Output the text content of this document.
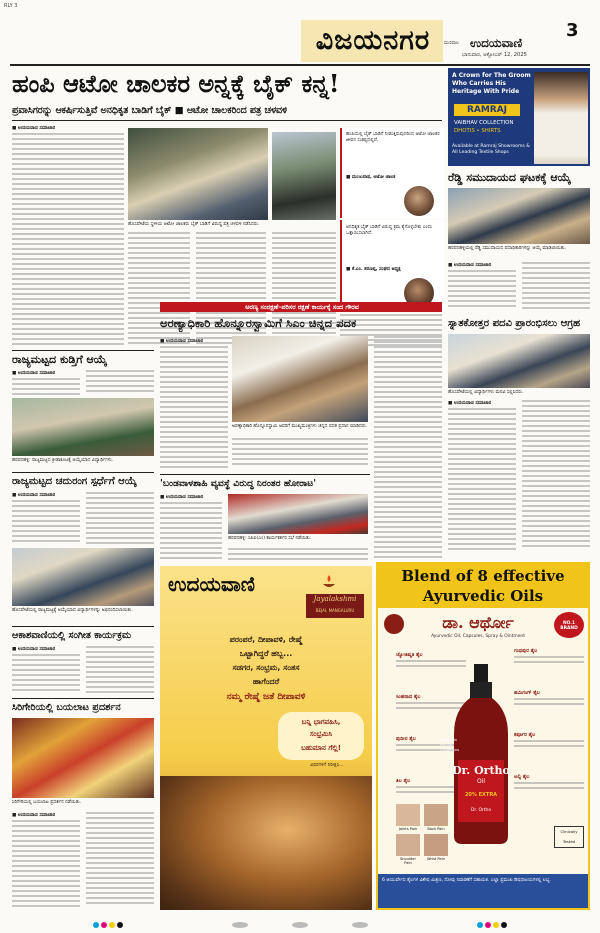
RLY 3
ವಿಜಯನಗರ	3
ಮಣಿಪಾಲ ಉದಯವಾಣಿ
ಭಾನುವಾರ, ಅಕ್ಟೋಬರ್ 12, 2025
ಹಂಪಿ ಆಟೋ ಚಾಲಕರ ಅನ್ನಕ್ಕೆ ಬೈಕ್ ಕನ್ನ!
ಪ್ರವಾಸಿಗರನ್ನು ಆಕರ್ಷಿಸುತ್ತಿವೆ ಅನಧಿಕೃತ ಬಾಡಿಗೆ ಬೈಕ್ ■ ಆಟೋ ಚಾಲಕರಿಂದ ಪತ್ರ ಚಳವಳಿ
■ ಉದಯವಾಣಿ ಸಮಾಚಾರ
ಹಂಪಿಯಲ್ಲಿ ಬೈಕ್ ಬಾಡಿಗೆ ನೀಡುತ್ತಿರುವುದರಿಂದ ಆಟೋ ಚಾಲಕರ ಜೀವನ ಸಂಕಷ್ಟದಲ್ಲಿದೆ.
■ ಮಂಜುನಾಥ, ಆಟೋ ಚಾಲಕ
ಹೊಸಪೇಟೆಯ ಸ್ಥಳೀಯ ಆಟೋ ಚಾಲಕರು ಬೈಕ್ ಬಾಡಿಗೆ ವಿರುದ್ಧ ಪತ್ರ ಚಳವಳಿ ನಡೆಸಿದರು.
ಅನಧಿಕೃತ ಬೈಕ್ ಬಾಡಿಗೆ ವಿರುದ್ಧ ಕ್ರಮ ಕೈಗೊಳ್ಳಬೇಕು ಎಂದು ಒತ್ತಾಯಿಸಲಾಗಿದೆ.
■ ಕೆ.ಎಂ. ಶರಣಪ್ಪ, ಸಂಘದ ಅಧ್ಯಕ್ಷ
A Crown for The Groom Who Carries His Heritage With Pride
RAMRAJ
VAIBHAV COLLECTION
DHOTIS • SHIRTS
Available at Ramraj Showrooms & All Leading Textile Shops
ರೆಡ್ಡಿ ಸಮುದಾಯದ ಘಟಕಕ್ಕೆ ಆಯ್ಕೆ
ಹರಪನಹಳ್ಳಿಯಲ್ಲಿ ರೆಡ್ಡಿ ಸಮುದಾಯದ ಪದಾಧಿಕಾರಿಗಳನ್ನು ಆಯ್ಕೆ ಮಾಡಲಾಯಿತು.
■ ಉದಯವಾಣಿ ಸಮಾಚಾರ
ಸ್ನಾತಕೋತ್ತರ ಪದವಿ ಪ್ರಾರಂಭಿಸಲು ಆಗ್ರಹ
ಹೊಸಪೇಟೆಯಲ್ಲಿ ವಿದ್ಯಾರ್ಥಿಗಳು ಮನವಿ ಸಲ್ಲಿಸಿದರು.
■ ಉದಯವಾಣಿ ಸಮಾಚಾರ
ರಾಜ್ಯಮಟ್ಟದ ಕುಡ್ತಿಗೆ ಆಯ್ಕೆ
■ ಉದಯವಾಣಿ ಸಮಾಚಾರ
ಹರಪನಹಳ್ಳಿ: ರಾಜ್ಯಮಟ್ಟದ ಕ್ರೀಡಾಕೂಟಕ್ಕೆ ಆಯ್ಕೆಯಾದ ವಿದ್ಯಾರ್ಥಿಗಳು.
ರಾಜ್ಯಮಟ್ಟದ ಚದುರಂಗ ಸ್ಪರ್ಧೆಗೆ ಆಯ್ಕೆ
■ ಉದಯವಾಣಿ ಸಮಾಚಾರ
ಹೊಸಪೇಟೆಯಲ್ಲಿ ರಾಜ್ಯಮಟ್ಟಕ್ಕೆ ಆಯ್ಕೆಯಾದ ವಿದ್ಯಾರ್ಥಿಗಳನ್ನು ಅಭಿನಂದಿಸಲಾಯಿತು.
ಆಕಾಶವಾಣಿಯಲ್ಲಿ ಸಂಗೀತ ಕಾರ್ಯಕ್ರಮ
■ ಉದಯವಾಣಿ ಸಮಾಚಾರ
ಸಿರಿಗೇರಿಯಲ್ಲಿ ಬಯಲಾಟ ಪ್ರದರ್ಶನ
ಸಿರಿಗೇರಿಯಲ್ಲಿ ಬಯಲಾಟ ಪ್ರದರ್ಶನ ನಡೆಯಿತು.
■ ಉದಯವಾಣಿ ಸಮಾಚಾರ
ಅರಣ್ಯ ಸಂರಕ್ಷಣೆ–ಪರಿಸರ ರಕ್ಷಣೆ ಕಾರ್ಯಕ್ಕೆ ಸಂದ ಗೌರವ
ಅರಣ್ಯಾಧಿಕಾರಿ ಹೊನ್ನೂರಸ್ವಾಮಿಗೆ ಸಿಎಂ ಚಿನ್ನದ ಪದಕ
■ ಉದಯವಾಣಿ ಸಮಾಚಾರ
ಅರಣ್ಯಾಧಿಕಾರಿ ಹೊನ್ನೂರಸ್ವಾಮಿ ಅವರಿಗೆ ಮುಖ್ಯಮಂತ್ರಿಗಳು ಚಿನ್ನದ ಪದಕ ಪ್ರದಾನ ಮಾಡಿದರು.
'ಬಂಡವಾಳಶಾಹಿ ವ್ಯವಸ್ಥೆ ವಿರುದ್ಧ ನಿರಂತರ ಹೋರಾಟ'
■ ಉದಯವಾಣಿ ಸಮಾಚಾರ
ಹರಪನಹಳ್ಳಿ: ಸಿಪಿಐ(ಎಂ) ಕಾರ್ಯಕರ್ತರ ಸಭೆ ನಡೆಯಿತು.
ಉದಯವಾಣಿ
Jayalakshmi
BEJAI, MANGALURU
ಪರಂಪರೆ, ದೀಪಾವಳಿ, ರೇಷ್ಮೆ
ಒಟ್ಟಾಗಿದ್ದರೆ ಹಬ್ಬ...
ಸಡಗರ, ಸಂಭ್ರಮ, ಸಂತಸ
ಹಾಗೆಂದರೆ
ನಮ್ಮ ರೇಷ್ಮೆ ಜತೆ ದೀಪಾವಳಿ
ಬನ್ನಿ ಭಾಗವಹಿಸಿ,
ಸಂಭ್ರಮಿಸಿ
ಬಹುಮಾನ ಗೆಲ್ಲಿ!
ವಿವರಗಳಿಗೆ ನಿರೀಕ್ಷಿಸಿ...
Blend of 8 effective Ayurvedic Oils
ಡಾ. ಆರ್ಥೋ
Ayurvedic Oil, Capsules, Spray & Ointment
NO.1 BRAND
ಜ್ಯೋತಿಷ್ಮತಿ ತೈಲ
ಸಿಂಹನಾದ ತೈಲ
ಪುದೀನ ತೈಲ
ತಿಲ ತೈಲ
ಗಂಧಪುರ ತೈಲ
ಹಮಿಗಂಗ್ ತೈಲ
ಕರ್ಪೂರ ತೈಲ
ಅಲ್ಸಿ ತೈಲ
Helpful in Painful Conditions
Dr. Ortho
Oil
20% EXTRA
Dr. Ortho
Joints Pain	Back Pain
Shoulder Pain
Wrist Pain
Clinically Tested
6 ಆಯುರ್ವೇದ ತೈಲಗಳ ವಿಶೇಷ ಮಿಶ್ರಣ, ನೋವು ನಿವಾರಣೆಗೆ ಸಹಾಯಕ. ಎಲ್ಲಾ ಪ್ರಮುಖ ಔಷಧಾಲಯಗಳಲ್ಲಿ ಲಭ್ಯ.
